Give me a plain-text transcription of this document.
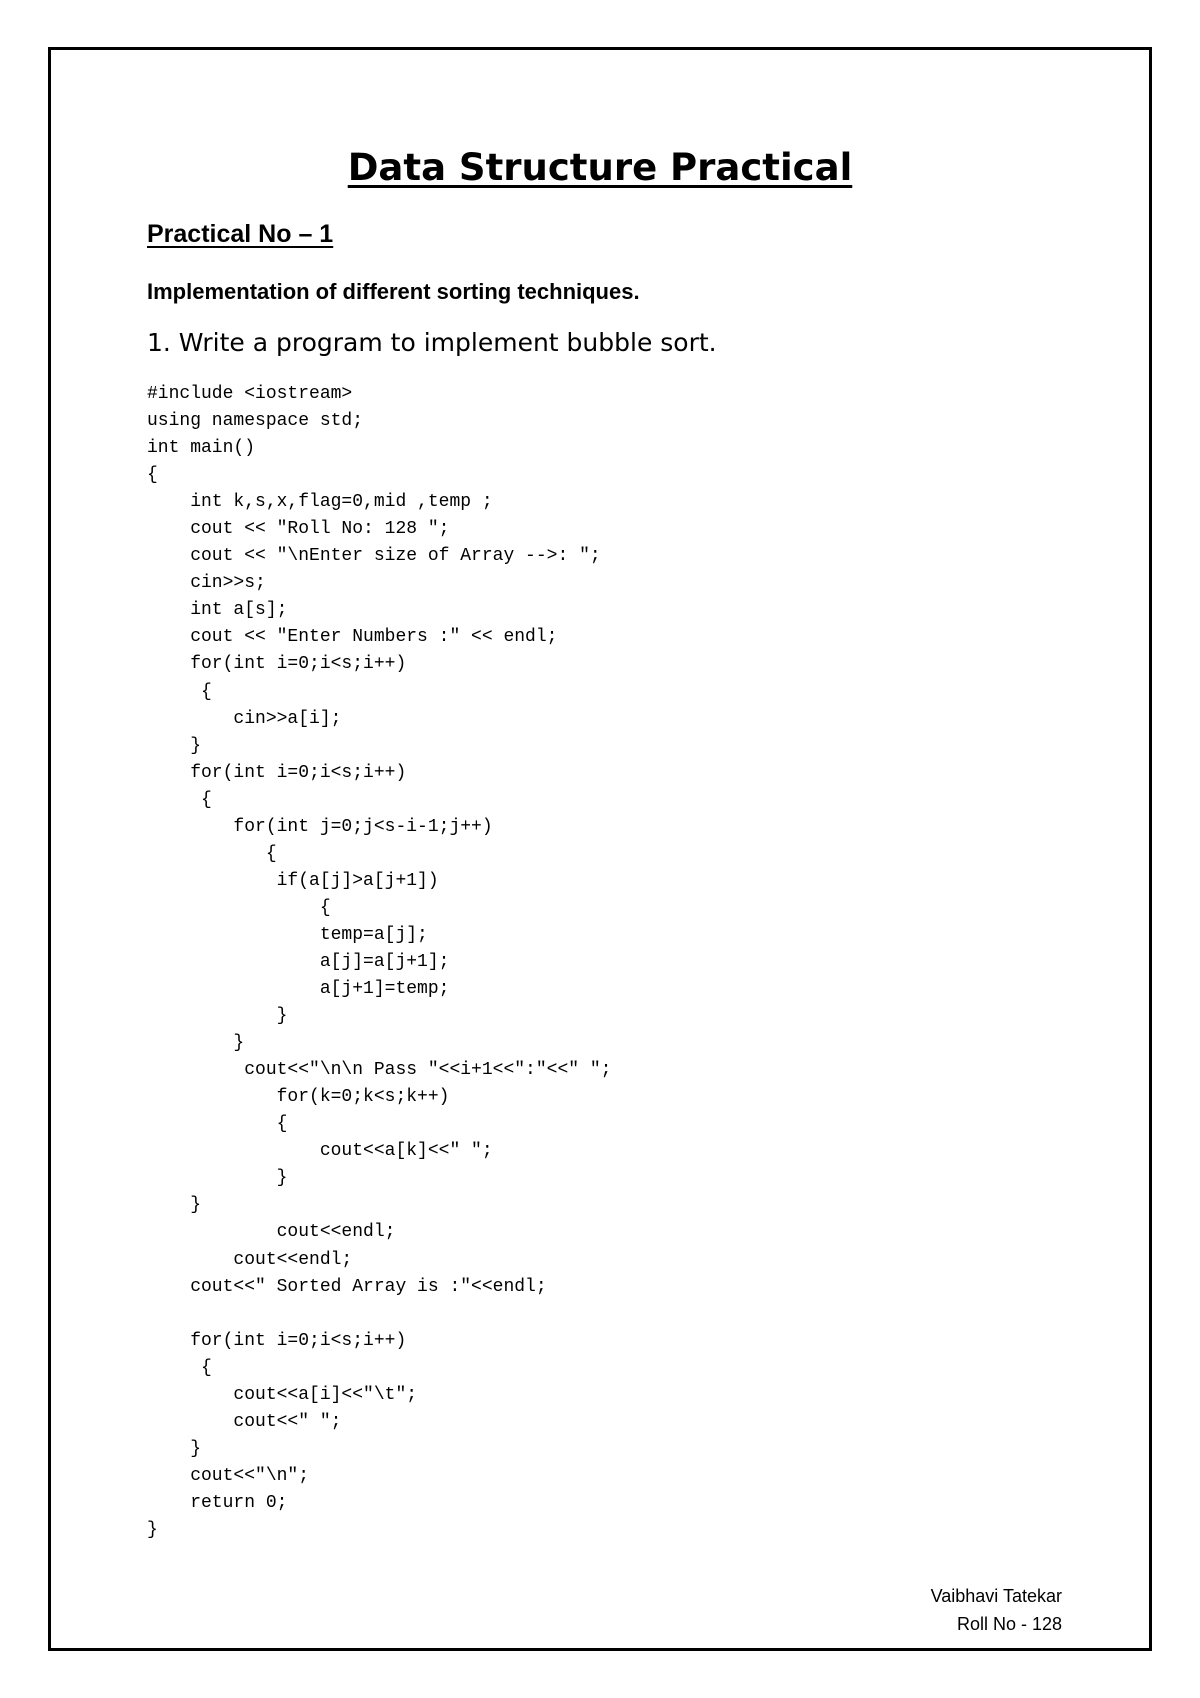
Data Structure Practical
Practical No – 1
Implementation of different sorting techniques.
1. Write a program to implement bubble sort.
#include <iostream>
using namespace std;
int main()
{
int k,s,x,flag=0,mid ,temp ;
cout << "Roll No: 128 ";
cout << "\nEnter size of Array -->: ";
cin>>s;
int a[s];
cout << "Enter Numbers :" << endl;
for(int i=0;i<s;i++)
{
cin>>a[i];
}
for(int i=0;i<s;i++)
{
for(int j=0;j<s-i-1;j++)
{
if(a[j]>a[j+1])
{
temp=a[j];
a[j]=a[j+1];
a[j+1]=temp;
}
}
cout<<"\n\n Pass "<<i+1<<":"<<" ";
for(k=0;k<s;k++)
{
cout<<a[k]<<" ";
}
}
cout<<endl;
cout<<endl;
cout<<" Sorted Array is :"<<endl;
for(int i=0;i<s;i++)
{
cout<<a[i]<<"\t";
cout<<" ";
}
cout<<"\n";
return 0;
}
Vaibhavi Tatekar
Roll No - 128
